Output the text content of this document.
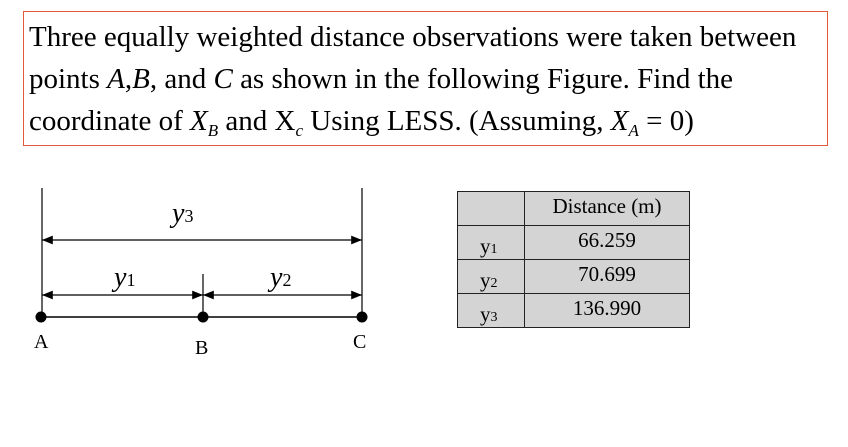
Three equally weighted distance observations were taken between
points A,B, and C as shown in the following Figure. Find the
coordinate of $X_B$ and $X_c$ Using LESS. (Assuming, $X_A = 0$)
y3
y1	y2
A	B	C
	Distance (m)
y1	66.259
y2	70.699
y3	136.990
